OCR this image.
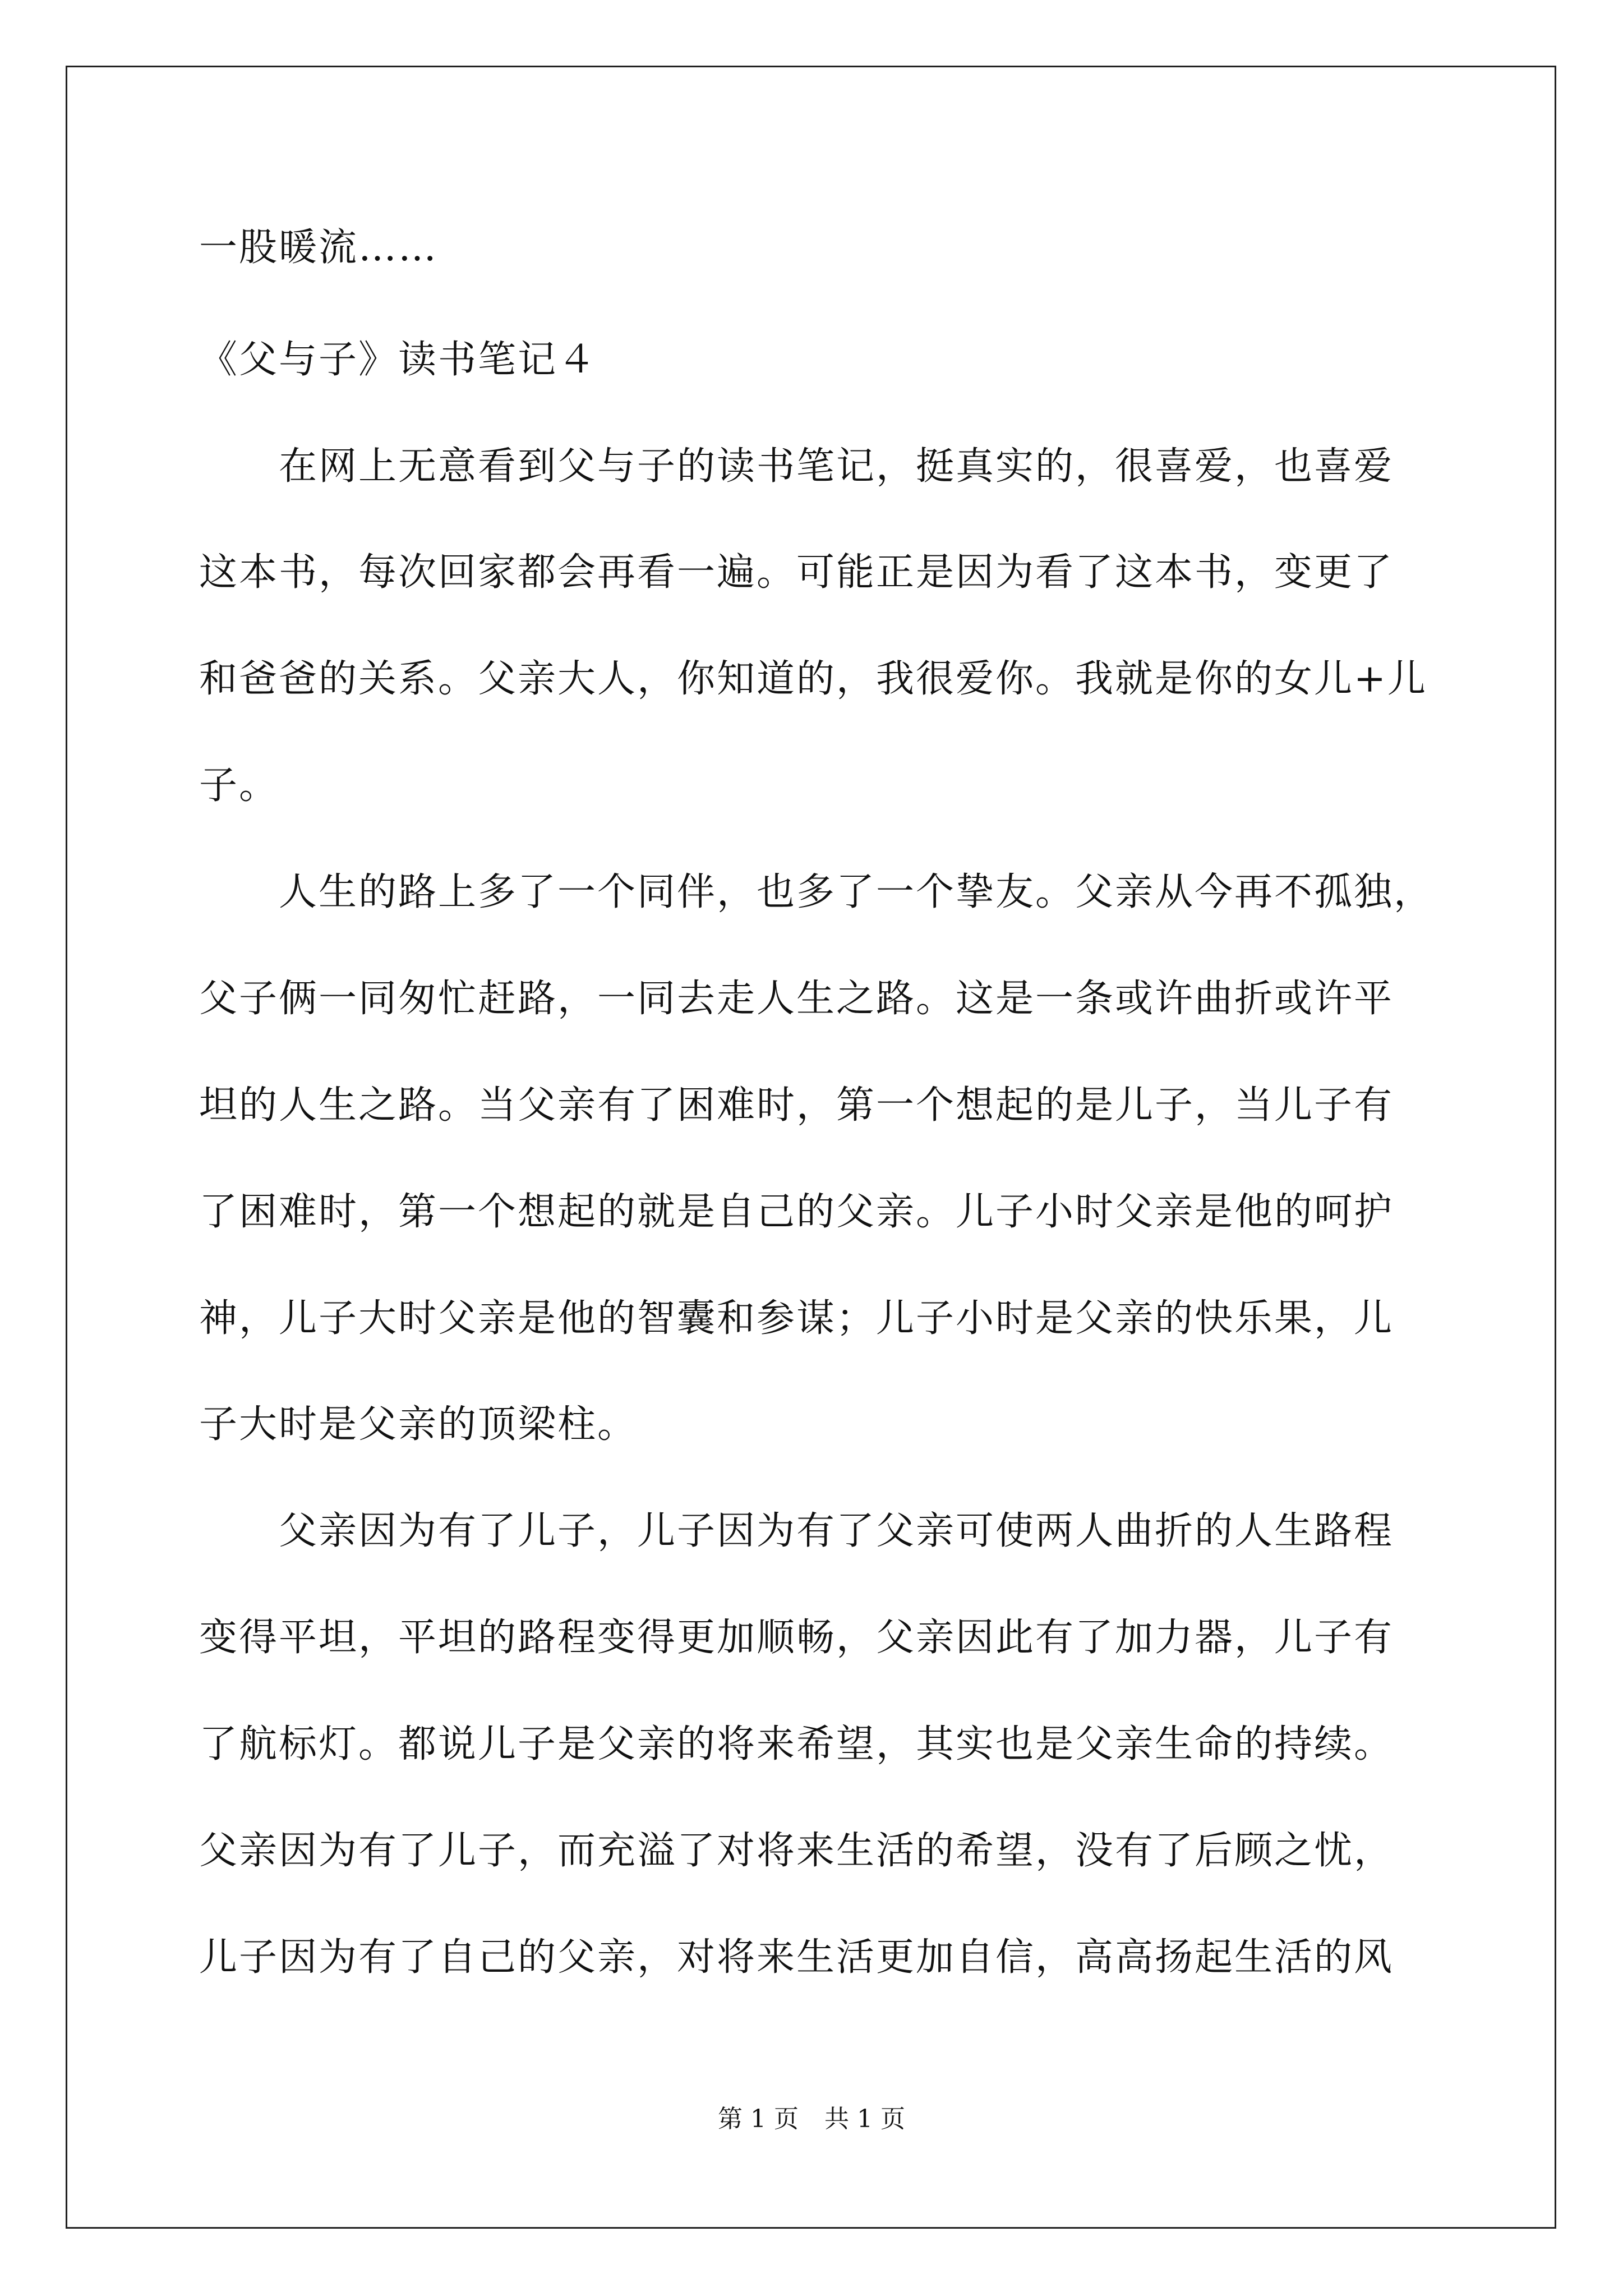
一股暖流……
《父与子》读书笔记４
　　在网上无意看到父与子的读书笔记，挺真实的，很喜爱，也喜爱
这本书，每次回家都会再看一遍。可能正是因为看了这本书，变更了
和爸爸的关系。父亲大人，你知道的，我很爱你。我就是你的女儿+儿
子。
　　人生的路上多了一个同伴，也多了一个挚友。父亲从今再不孤独，
父子俩一同匆忙赶路，一同去走人生之路。这是一条或许曲折或许平
坦的人生之路。当父亲有了困难时，第一个想起的是儿子，当儿子有
了困难时，第一个想起的就是自己的父亲。儿子小时父亲是他的呵护
神，儿子大时父亲是他的智囊和参谋；儿子小时是父亲的快乐果，儿
子大时是父亲的顶梁柱。
　　父亲因为有了儿子，儿子因为有了父亲可使两人曲折的人生路程
变得平坦，平坦的路程变得更加顺畅，父亲因此有了加力器，儿子有
了航标灯。都说儿子是父亲的将来希望，其实也是父亲生命的持续。
父亲因为有了儿子，而充溢了对将来生活的希望，没有了后顾之忧，
儿子因为有了自己的父亲，对将来生活更加自信，高高扬起生活的风
第 1 页 共 1 页
